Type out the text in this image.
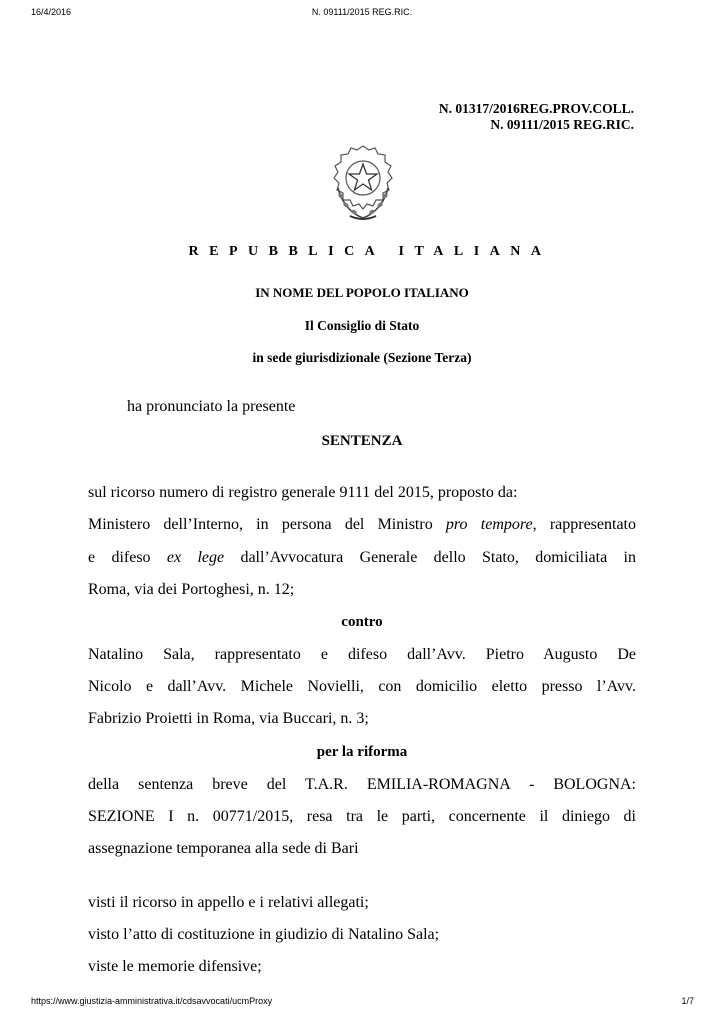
16/4/2016	N. 09111/2015 REG.RIC.
N. 01317/2016REG.PROV.COLL.
N. 09111/2015 REG.RIC.
REPUBBLICA ITALIANA
IN NOME DEL POPOLO ITALIANO
Il Consiglio di Stato
in sede giurisdizionale (Sezione Terza)
ha pronunciato la presente
SENTENZA
sul ricorso numero di registro generale 9111 del 2015, proposto da:
Ministero dell’Interno, in persona del Ministro pro tempore, rappresentato
e difeso ex lege dall’Avvocatura Generale dello Stato, domiciliata in
Roma, via dei Portoghesi, n. 12;
contro
Natalino Sala, rappresentato e difeso dall’Avv. Pietro Augusto De
Nicolo e dall’Avv. Michele Novielli, con domicilio eletto presso l’Avv.
Fabrizio Proietti in Roma, via Buccari, n. 3;
per la riforma
della sentenza breve del T.A.R. EMILIA-ROMAGNA - BOLOGNA:
SEZIONE I n. 00771/2015, resa tra le parti, concernente il diniego di
assegnazione temporanea alla sede di Bari
visti il ricorso in appello e i relativi allegati;
visto l’atto di costituzione in giudizio di Natalino Sala;
viste le memorie difensive;
https://www.giustizia-amministrativa.it/cdsavvocati/ucmProxy	1/7
